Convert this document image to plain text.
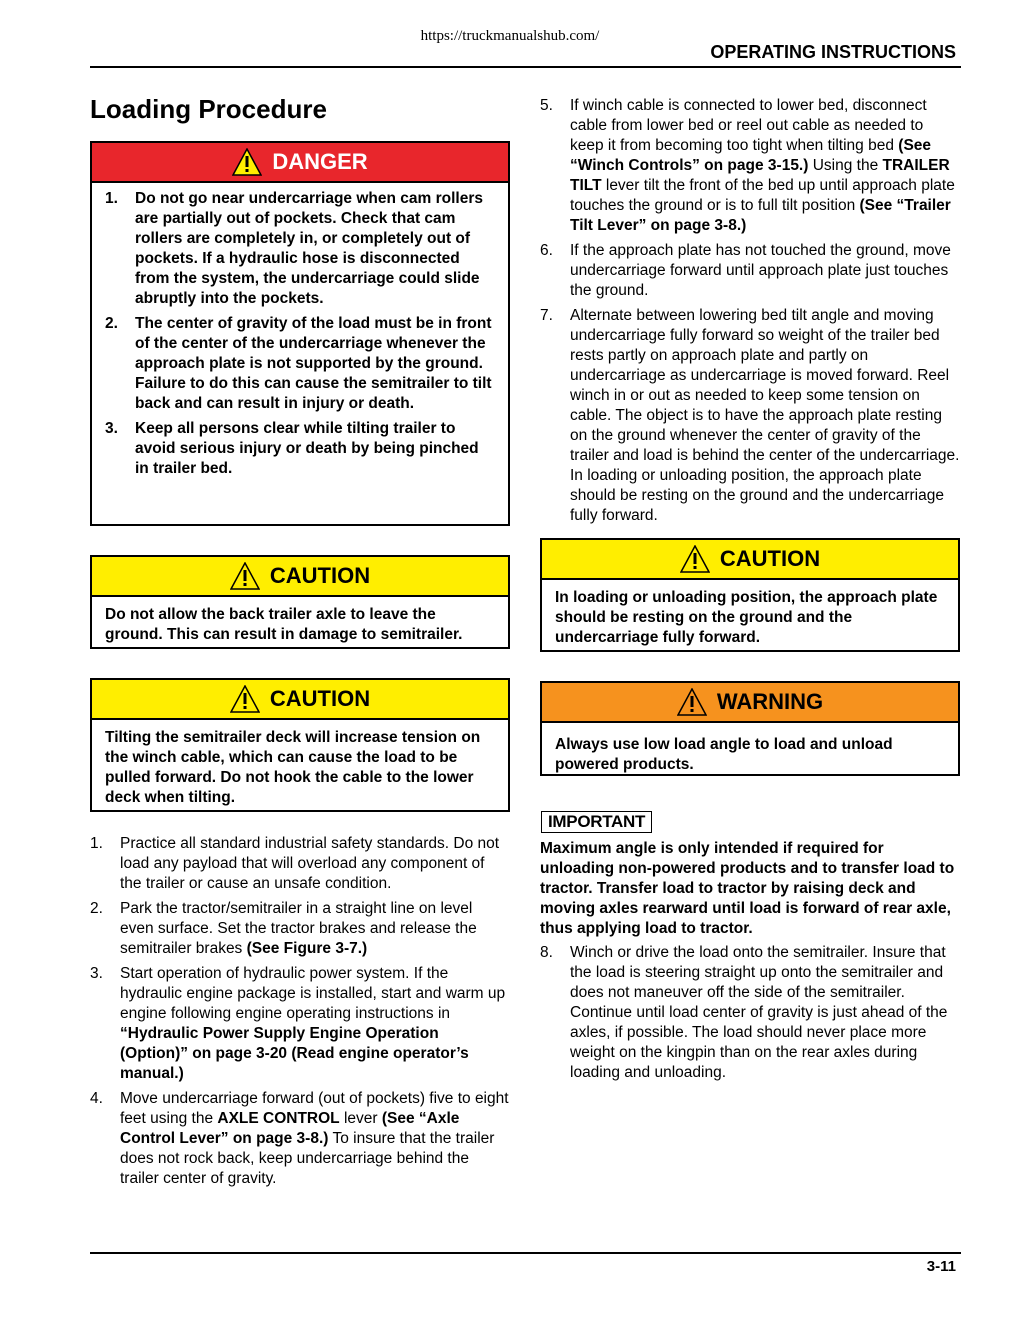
https://truckmanualshub.com/
OPERATING INSTRUCTIONS
Loading Procedure
DANGER
1.	Do not go near undercarriage when cam rollers are partially out of pockets. Check that cam rollers are completely in, or completely out of pockets. If a hydraulic hose is disconnected from the system, the undercarriage could slide abruptly into the pockets.
2.	The center of gravity of the load must be in front of the center of the undercarriage whenever the approach plate is not supported by the ground. Failure to do this can cause the semitrailer to tilt back and can result in injury or death.
3.	Keep all persons clear while tilting trailer to avoid serious injury or death by being pinched in trailer bed.
CAUTION
Do not allow the back trailer axle to leave the ground. This can result in damage to semitrailer.
CAUTION
Tilting the semitrailer deck will increase tension on the winch cable, which can cause the load to be pulled forward. Do not hook the cable to the lower deck when tilting.
1.	Practice all standard industrial safety standards. Do not load any payload that will overload any component of the trailer or cause an unsafe condition.
2.	Park the tractor/semitrailer in a straight line on level even surface. Set the tractor brakes and release the semitrailer brakes (See Figure 3-7.)
3.	Start operation of hydraulic power system. If the hydraulic engine package is installed, start and warm up engine following engine operating instructions in “Hydraulic Power Supply Engine Operation (Option)” on page 3-20 (Read engine operator’s manual.)
4.	Move undercarriage forward (out of pockets) five to eight feet using the AXLE CONTROL lever (See “Axle Control Lever” on page 3-8.) To insure that the trailer does not rock back, keep undercarriage behind the trailer center of gravity.
5.	If winch cable is connected to lower bed, disconnect cable from lower bed or reel out cable as needed to keep it from becoming too tight when tilting bed (See “Winch Controls” on page 3-15.) Using the TRAILER TILT lever tilt the front of the bed up until approach plate touches the ground or is to full tilt position (See “Trailer Tilt Lever” on page 3-8.)
6.	If the approach plate has not touched the ground, move undercarriage forward until approach plate just touches the ground.
7.	Alternate between lowering bed tilt angle and moving undercarriage fully forward so weight of the trailer bed rests partly on approach plate and partly on undercarriage as undercarriage is moved forward. Reel winch in or out as needed to keep some tension on cable. The object is to have the approach plate resting on the ground whenever the center of gravity of the trailer and load is behind the center of the undercarriage. In loading or unloading position, the approach plate should be resting on the ground and the undercarriage fully forward.
CAUTION
In loading or unloading position, the approach plate should be resting on the ground and the undercarriage fully forward.
WARNING
Always use low load angle to load and unload powered products.
IMPORTANT
Maximum angle is only intended if required for unloading non-powered products and to transfer load to tractor. Transfer load to tractor by raising deck and moving axles rearward until load is forward of rear axle, thus applying load to tractor.
8.	Winch or drive the load onto the semitrailer. Insure that the load is steering straight up onto the semitrailer and does not maneuver off the side of the semitrailer. Continue until load center of gravity is just ahead of the axles, if possible. The load should never place more weight on the kingpin than on the rear axles during loading and unloading.
3-11
